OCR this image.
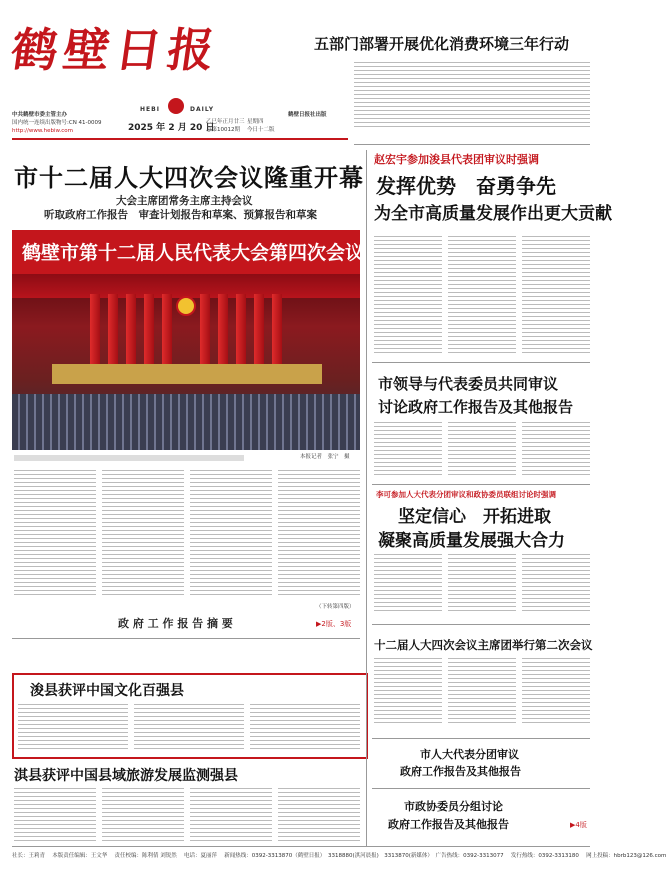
鹤壁日报
HEBI	DAILY
中共鹤壁市委主管主办
国内统一连续出版物号:CN 41-0009
http://www.hebiw.com	2025 年 2 月 20 日
乙巳年正月廿三 星期四
总第10012期 今日十二版
鹤壁日报社出版
五部门部署开展优化消费环境三年行动
市十二届人大四次会议隆重开幕
大会主席团常务主席主持会议
听取政府工作报告　审查计划报告和草案、预算报告和草案
鹤壁市第十二届人民代表大会第四次会议
本报记者　张宁　摄
（下转第四版）
政 府 工 作 报 告 摘 要	▶2版、3版
浚县获评中国文化百强县
淇县获评中国县域旅游发展监测强县
赵宏宇参加浚县代表团审议时强调
发挥优势　奋勇争先
为全市高质量发展作出更大贡献
市领导与代表委员共同审议
讨论政府工作报告及其他报告
李可参加人大代表分团审议和政协委员联组讨论时强调
坚定信心　开拓进取
凝聚高质量发展强大合力
十二届人大四次会议主席团举行第二次会议
市人大代表分团审议
政府工作报告及其他报告
市政协委员分组讨论
政府工作报告及其他报告	▶4版
社长：王莉青　 本版责任编辑：王文华　 责任校编：陈利倩 刘锐然　 电话：夏丽萍　 新闻热线：0392-3313870（鹤壁日报）　3318880(淇河晨报)　3313870(新媒体）　广告热线：0392-3313077　 发行热线：0392-3313180　 网上投稿：hbrb123@126.com
